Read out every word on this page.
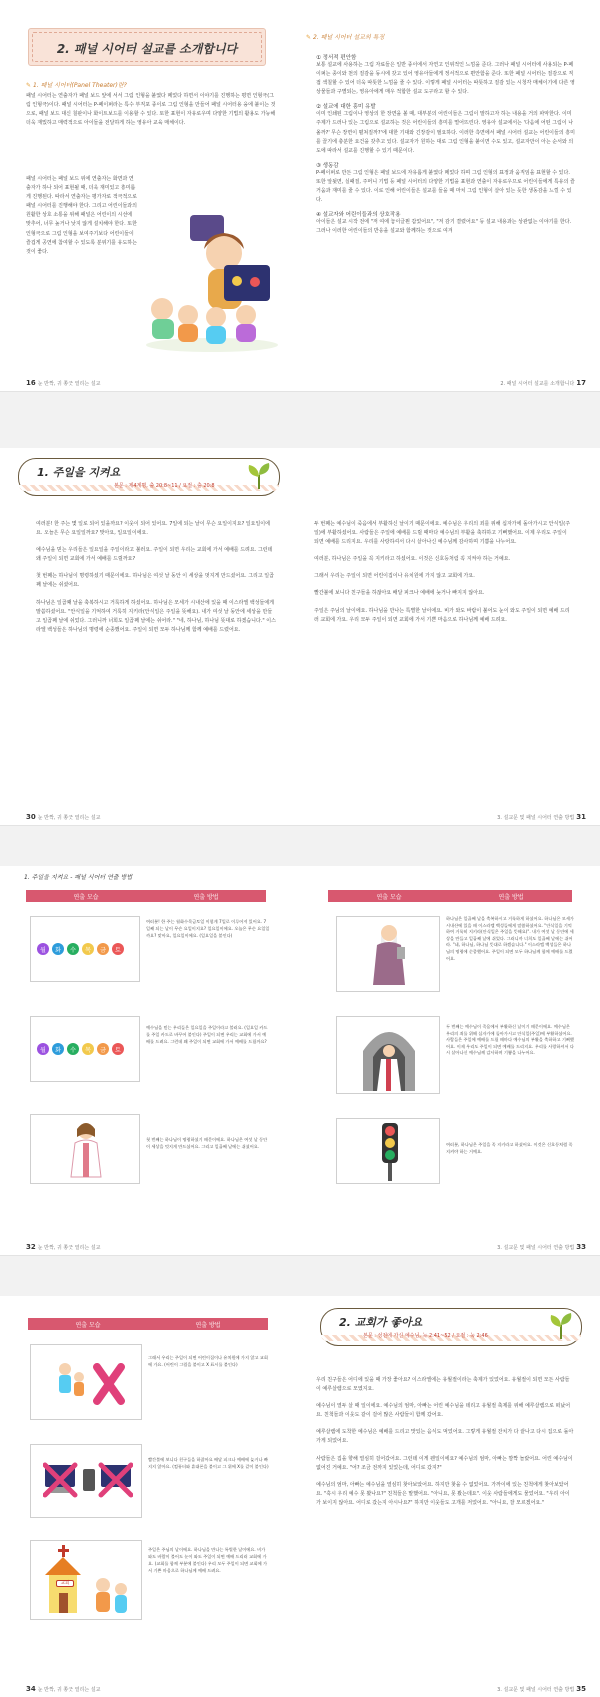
2. 패널 시어터 설교를 소개합니다
✎ 1. 패널 시어터(Panel Theater)란?
패널 시어터는 연출자가 패널 보드 앞에 서서 그림 인형을 붙였다 떼었다 하면서 이야기를 진행하는 평면 인형극(그림 인형극)이다. 패널 시어터는 P-페이퍼라는 특수 부직포 종이로 그림 인형을 만들어 패널 시어터용 융에 붙이는 것으로, 패널 보드 대신 칠판이나 화이트보드를 이용할 수 있다. 또한 표현이 자유로우며 다양한 기법의 활용도 가능해 더욱 재밌하고 매력적으로 아이들을 전달하게 하는 영유아 교육 매체이다.
패널 시어터는 패널 보드 위에 연출자는 화면과 연출자가 하나 되어 표현될 때, 더욱 재미있고 흥미롭게 진행된다. 따라서 연출자는 평가자로 적극적으로 패널 시어터를 진행해야 한다. 그리고 어린이들과의 원활한 상호 소통을 위해 패널은 어린이의 시선에 맞추어, 너무 높거나 낮지 않게 설치해야 한다. 또한 인형극으로 그림 인형을 보여주기보다 어린이들이 즐겁게 공연에 참여할 수 있도록 분위기를 유도하는 것이 좋다.
16 눈 반짝, 귀 쫑긋 열리는 설교
✎ 2. 패널 시어터 설교의 특징
① 정서적 편안함
보통 설교에 사용하는 그림 자료들은 일반 종이에서 자연고 인위적인 느낌을 준다. 그러나 패널 시어터에 사용되는 P-페이퍼는 종이와 천의 질감을 동시에 갖고 있어 영유아들에게 정서적으로 편안함을 준다. 또한 패널 시어터는 질감으로 직접 색칠할 수 있어 더욱 따뜻한 느낌을 줄 수 있다. 이렇게 패널 시어터는 따뜻하고 질감 있는 시청각 매체이기에 다른 영상물들과 구별되는, 영유아에게 매우 적합한 설교 도구라고 할 수 있다.
② 설교에 대한 흥미 유발
이미 인쇄된 그림이나 영상의 한 장면을 볼 때, 대부분의 어린이들은 그림이 말하고자 하는 내용을 거의 파악한다. 이미 주제가 드러나 있는 그림으로 설교하는 것은 어린이들의 흥미를 떨어뜨린다. 영유아 설교에서는 '다음에 어떤 그림이 나올까?' 무슨 장면이 펼쳐질까?'에 대한 기대와 긴장감이 필요하다. 이러한 측면에서 패널 시어터 설교는 어린이들의 흥미를 끌기에 충분한 요건을 갖추고 있다. 설교자가 원하는 대로 그림 인형을 붙이면 수도 있고, 설교자만이 아는 순서와 의도에 따라서 설교를 진행할 수 있기 때문이다.
③ 생동감
P-페이퍼로 만든 그림 인형은 패널 보드에 자유롭게 붙였다 떼었다 하며 그림 인형의 표정과 움직임을 표현할 수 있다. 또한 앞뒷면, 실패질, 주머니 기법 등 패널 시어터의 다양한 기법을 표현과 연출이 자유로우므로 어린이들에게 특유의 즐거움과 재미를 줄 수 있다. 이로 인해 어린이들은 설교를 들을 때 마치 그림 인형이 살아 있는 듯한 생동감을 느낄 수 있다.
④ 설교자와 어린이들과의 상호작용
아이들은 설교 시작 전에 "저 여에 놓이글뭔 갑었어요", "저 감기 결렸어요" 등 설교 내용과는 상관없는 이야기를 한다. 그러나 이러한 어린이들의 반응을 설교와 함께하는 것으로 여겨
2. 패널 시어터 설교를 소개합니다 17
1. 주일을 지켜요
본문 : 제4계명, 출 20:8~11 / 요절 : 출 20:8
여러분! 한 주는 몇 일로 되어 있을까요? 이웃이 되어 있어요. 7일에 되는 날이 무슨 요일이지요? 일요일이에요. 오늘은 무슨 요일일까요? 맞아요, 일요일이에요.
예수님을 믿는 우리들은 일요일을 주일이라고 불러요. 주일이 되면 우리는 교회에 가서 예배를 드려요. 그런데 왜 주일이 되면 교회에 가서 예배를 드릴까요?
첫 번째는 하나님이 명령하셨기 때문이에요. 하나님은 여섯 날 동안 이 세상을 멋지게 만드셨어요. 그리고 일곱째 날에는 쉬셨어요.
하나님은 일곱째 날을 축복하시고 거룩하게 하셨어요. 하나님은 모세가 시내산에 있을 때 이스라엘 백성들에게 말씀하셨어요. "안식일을 기억하여 거룩히 지키라(안식일은 주일을 뜻해요). 내가 여섯 날 동안에 세상을 만들고 일곱째 날에 쉬었다. 그러니까 너희도 일곱째 날에는 쉬어라." "네, 하나님, 하나님 뜻대로 하겠습니다." 이스라엘 백성들은 하나님의 명령에 순종했어요. 주일이 되면 모두 하나님께 함께 예배를 드렸어요.
30 눈 반짝, 귀 쫑긋 열리는 설교
두 번째는 예수님이 죽음에서 부활하신 날이기 때문이에요. 예수님은 우리의 죄를 위해 십자가에 돌아가시고 안식일(주일)에 부활하셨어요. 사람들은 주일에 예배를 드릴 때마다 예수님의 부활을 축하하고 기뻐했어요. 이제 우리도 주일이 되면 예배를 드리지요. 우리를 사랑하셔서 다시 살아나신 예수님께 감사하며 기쁨을 나누어요.
여러분, 하나님은 주일을 꼭 지키라고 하셨어요. 이것은 신호등처럼 꼭 지켜야 하는 거예요.
그래서 우리는 주일이 되면 어린이집이나 유치원에 가지 않고 교회에 가요.
빨간불에 보니다 친구들을 하잖아요 배달 피크나 예배에 늦거나 빠지지 않아요.
주일은 주님의 날이에요. 하나님을 만나는 특별한 날이에요. 비가 와도 바람이 불어도 눈이 와도 주일이 되면 예배 드리러 교회에 가요. 우리 모두 주일이 되면 교회에 가서 기쁜 마음으로 하나님께 예배 드려요.
3. 설교문 및 패널 시어터 연출 방법 31
1. 주일을 지켜요 - 패널 시어터 연출 방법
연출 모습	연출 방법
월	화	수	목	금	토
여러분! 한 주는 월화수목금토일 이렇게 7일로 이루어져 있어요. 7일째 되는 날이 무슨 요일이지요? 일요일이에요. 오늘은 무슨 요일일까요? 맞아요, 일요일이에요. (일요일을 붙인다)
월	화	수	목	금	토
예수님을 믿는 우리들은 일요일을 주일이라고 불러요. (일요일 카드를 주일 카드로 바꾸어 붙인다) 주일이 되면 우리는 교회에 가서 예배를 드려요. 그런데 왜 주일이 되면 교회에 가서 예배를 드릴까요?
첫 번째는 하나님이 명령하셨기 때문이에요. 하나님은 여섯 날 동안 이 세상을 멋지게 만드셨어요. 그리고 일곱째 날에는 쉬셨어요.
32 눈 반짝, 귀 쫑긋 열리는 설교
연출 모습	연출 방법
하나님은 일곱째 날을 축복하시고 거룩하게 하셨어요. 하나님은 모세가 시내산에 있을 때 이스라엘 백성들에게 말씀하셨어요. "안식일을 기억하여 거룩히 지키라(안식일은 주일을 뜻해요)". 내가 여섯 날 동안에 세상을 만들고 일곱째 날에 쉬었다. 그러니까 너희도 일곱째 날에는 쉬어라. "네, 하나님, 하나님 뜻대로 하겠습니다." 이스라엘 백성들은 하나님의 명령에 순종했어요. 주일이 되면 모두 하나님께 함께 예배를 드렸어요.
두 번째는 예수님이 죽음에서 부활하신 날이기 때문이에요. 예수님은 우리의 죄를 위해 십자가에 돌아가시고 안식일(주일)에 부활하셨어요. 사람들은 주일에 예배를 드릴 때마다 예수님의 부활을 축하하고 기뻐했어요. 이제 우리도 주일이 되면 예배를 드리지요. 우리를 사랑하셔서 다시 살아나신 예수님께 감사하며 기쁨을 나누어요.
여러분, 하나님은 주일을 꼭 지키라고 하셨어요. 이것은 신호등처럼 꼭 지켜야 하는 거예요.
3. 설교문 및 패널 시어터 연출 방법 33
연출 모습	연출 방법
그래서 우리는 주일이 되면 어린이집이나 유치원에 가지 않고 교회에 가요. (어린이 그림을 붙이고 X 표시를 붙인다)
빨간불에 보니다 친구들을 하잖아요 배달 피크나 예배에 늦거나 빠지지 않아요. (컴퓨터와 휴대폰을 붙이고 그 위에 X를 같이 붙인다)
교회
주일은 주님의 날이에요. 하나님을 만나는 특별한 날이에요. 비가 와도 바람이 불어도 눈이 와도 주일이 되면 예배 드리러 교회에 가요. (교회를 함께 부분에 붙인다) 우리 모두 주일이 되면 교회에 가서 기쁜 마음으로 하나님께 예배 드려요.
34 눈 반짝, 귀 쫑긋 열리는 설교
2. 교회가 좋아요
본문 : 성전에 가신 예수님, 눅 2:41~52 / 요절 : 눅 2:46
우리 친구들은 어디에 있을 때 가장 좋아요? 이스라엘에는 유월절이라는 축제가 있었어요. 유월절이 되면 모든 사람들이 예루살렘으로 모였지요.
예수님이 열두 살 때 일이에요. 예수님의 엄마, 아빠는 어린 예수님을 데리고 유월절 축제를 위해 예루살렘으로 떠났어요. 친척들과 이웃도 같이 걸어 많은 사람들이 함께 갔어요.
예루살렘에 도착한 예수님은 예배를 드리고 맛있는 음식도 먹었어요. 그렇게 유월절 잔치가 다 끝나고 다시 집으로 돌아가게 되었어요.
사람들은 집을 향해 열심히 걸어갔어요. 그런데 이게 웬일이에요? 예수님의 엄마, 아빠는 깜짝 놀랐어요. 어린 예수님이 없어진 거예요. "어? 조금 전까지 있었는데, 어디로 갔지?"
예수님의 엄마, 아빠는 예수님을 열심히 찾아보았어요. 하지만 찾을 수 없었어요. 가까이에 있는 친척에게 찾아보았어요. "혹시 우리 예수 못 봤나요?" 친척들은 말했어요. "아니요, 못 봤는데요". 이웃 사람들에게도 물었어요. "우리 아이가 보이지 않아요. 어디로 갔는지 아시나요?" 하지만 이웃들도 고개를 저었어요. "아니요, 잘 모르겠어요."
3. 설교문 및 패널 시어터 연출 방법 35
